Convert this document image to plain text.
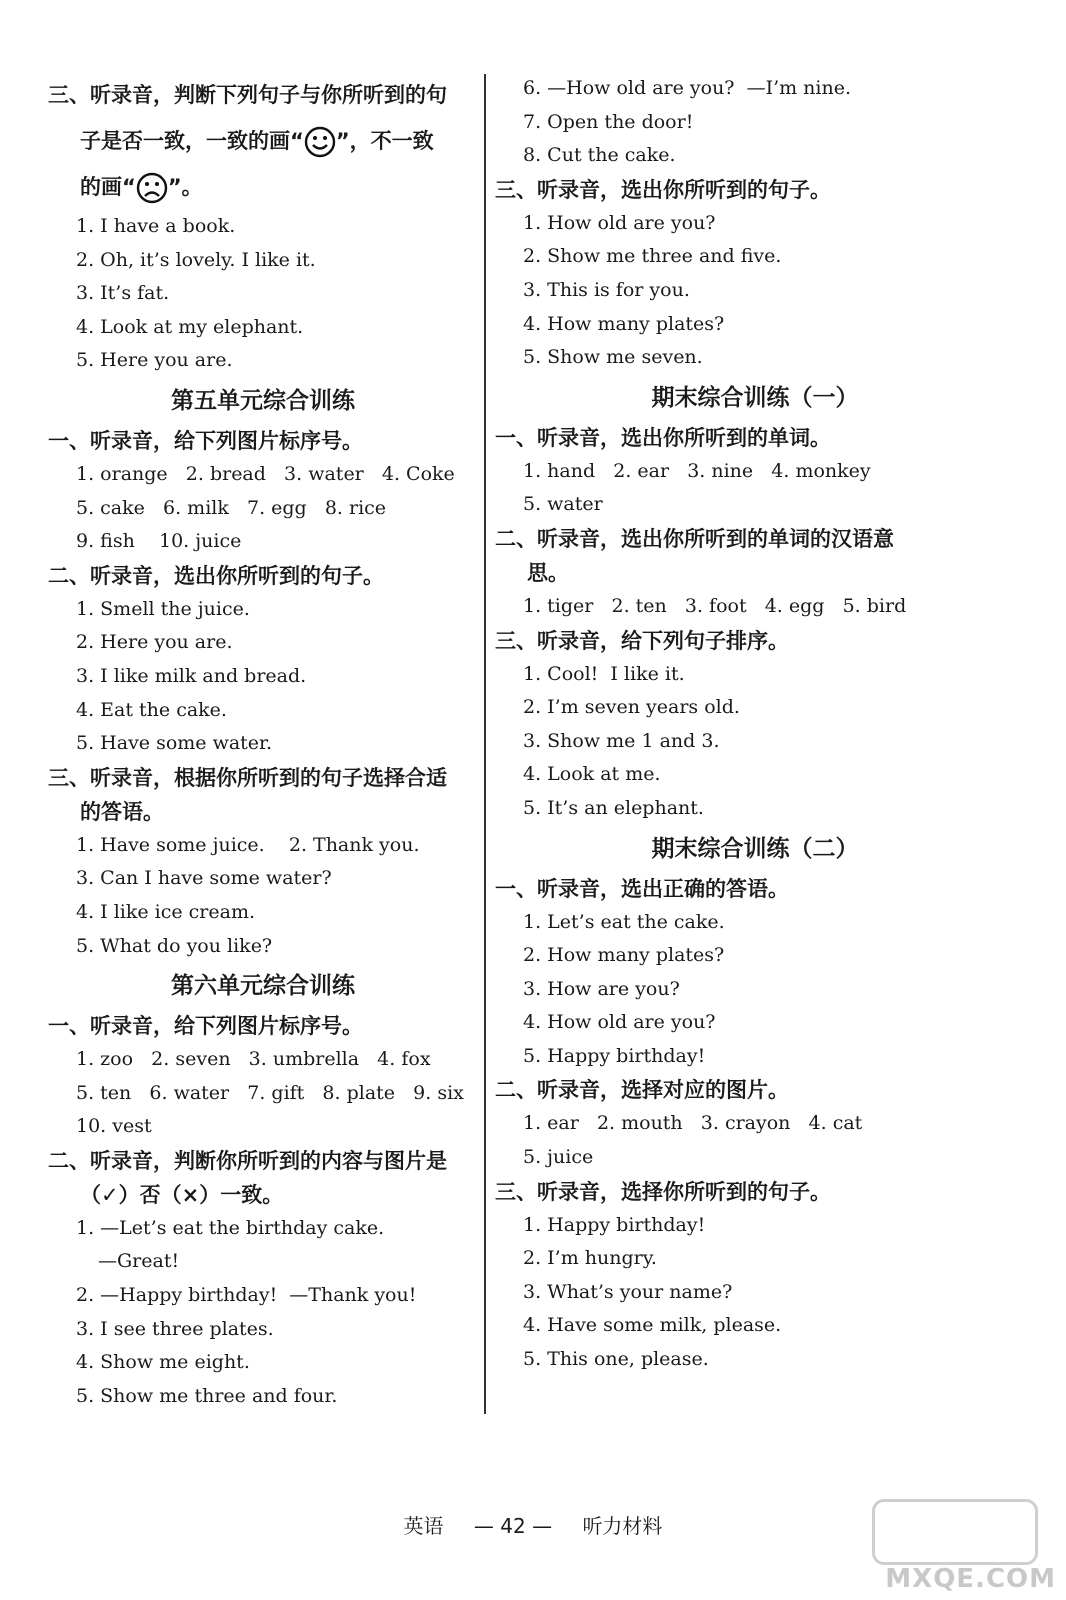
三、听录音，判断下列句子与你所听到的句
子是否一致，一致的画“ ”，不一致
的画“ ”。
1. I have a book.
2. Oh, it’s lovely. I like it.
3. It’s fat.
4. Look at my elephant.
5. Here you are.
第五单元综合训练
一、听录音，给下列图片标序号。
1. orange   2. bread   3. water   4. Coke
5. cake   6. milk   7. egg   8. rice
9. fish    10. juice
二、听录音，选出你所听到的句子。
1. Smell the juice.
2. Here you are.
3. I like milk and bread.
4. Eat the cake.
5. Have some water.
三、听录音，根据你所听到的句子选择合适
的答语。
1. Have some juice.    2. Thank you.
3. Can I have some water?
4. I like ice cream.
5. What do you like?
第六单元综合训练
一、听录音，给下列图片标序号。
1. zoo   2. seven   3. umbrella   4. fox
5. ten   6. water   7. gift   8. plate   9. six
10. vest
二、听录音，判断你所听到的内容与图片是
（✓）否（×）一致。
1. —Let’s eat the birthday cake.
—Great!
2. —Happy birthday!  —Thank you!
3. I see three plates.
4. Show me eight.
5. Show me three and four.
6. —How old are you?  —I’m nine.
7. Open the door!
8. Cut the cake.
三、听录音，选出你所听到的句子。
1. How old are you?
2. Show me three and five.
3. This is for you.
4. How many plates?
5. Show me seven.
期末综合训练（一）
一、听录音，选出你所听到的单词。
1. hand   2. ear   3. nine   4. monkey
5. water
二、听录音，选出你所听到的单词的汉语意
思。
1. tiger   2. ten   3. foot   4. egg   5. bird
三、听录音，给下列句子排序。
1. Cool!  I like it.
2. I’m seven years old.
3. Show me 1 and 3.
4. Look at me.
5. It’s an elephant.
期末综合训练（二）
一、听录音，选出正确的答语。
1. Let’s eat the cake.
2. How many plates?
3. How are you?
4. How old are you?
5. Happy birthday!
二、听录音，选择对应的图片。
1. ear   2. mouth   3. crayon   4. cat
5. juice
三、听录音，选择你所听到的句子。
1. Happy birthday!
2. I’m hungry.
3. What’s your name?
4. Have some milk, please.
5. This one, please.
英语 — 42 — 听力材料
MXQE.COM
